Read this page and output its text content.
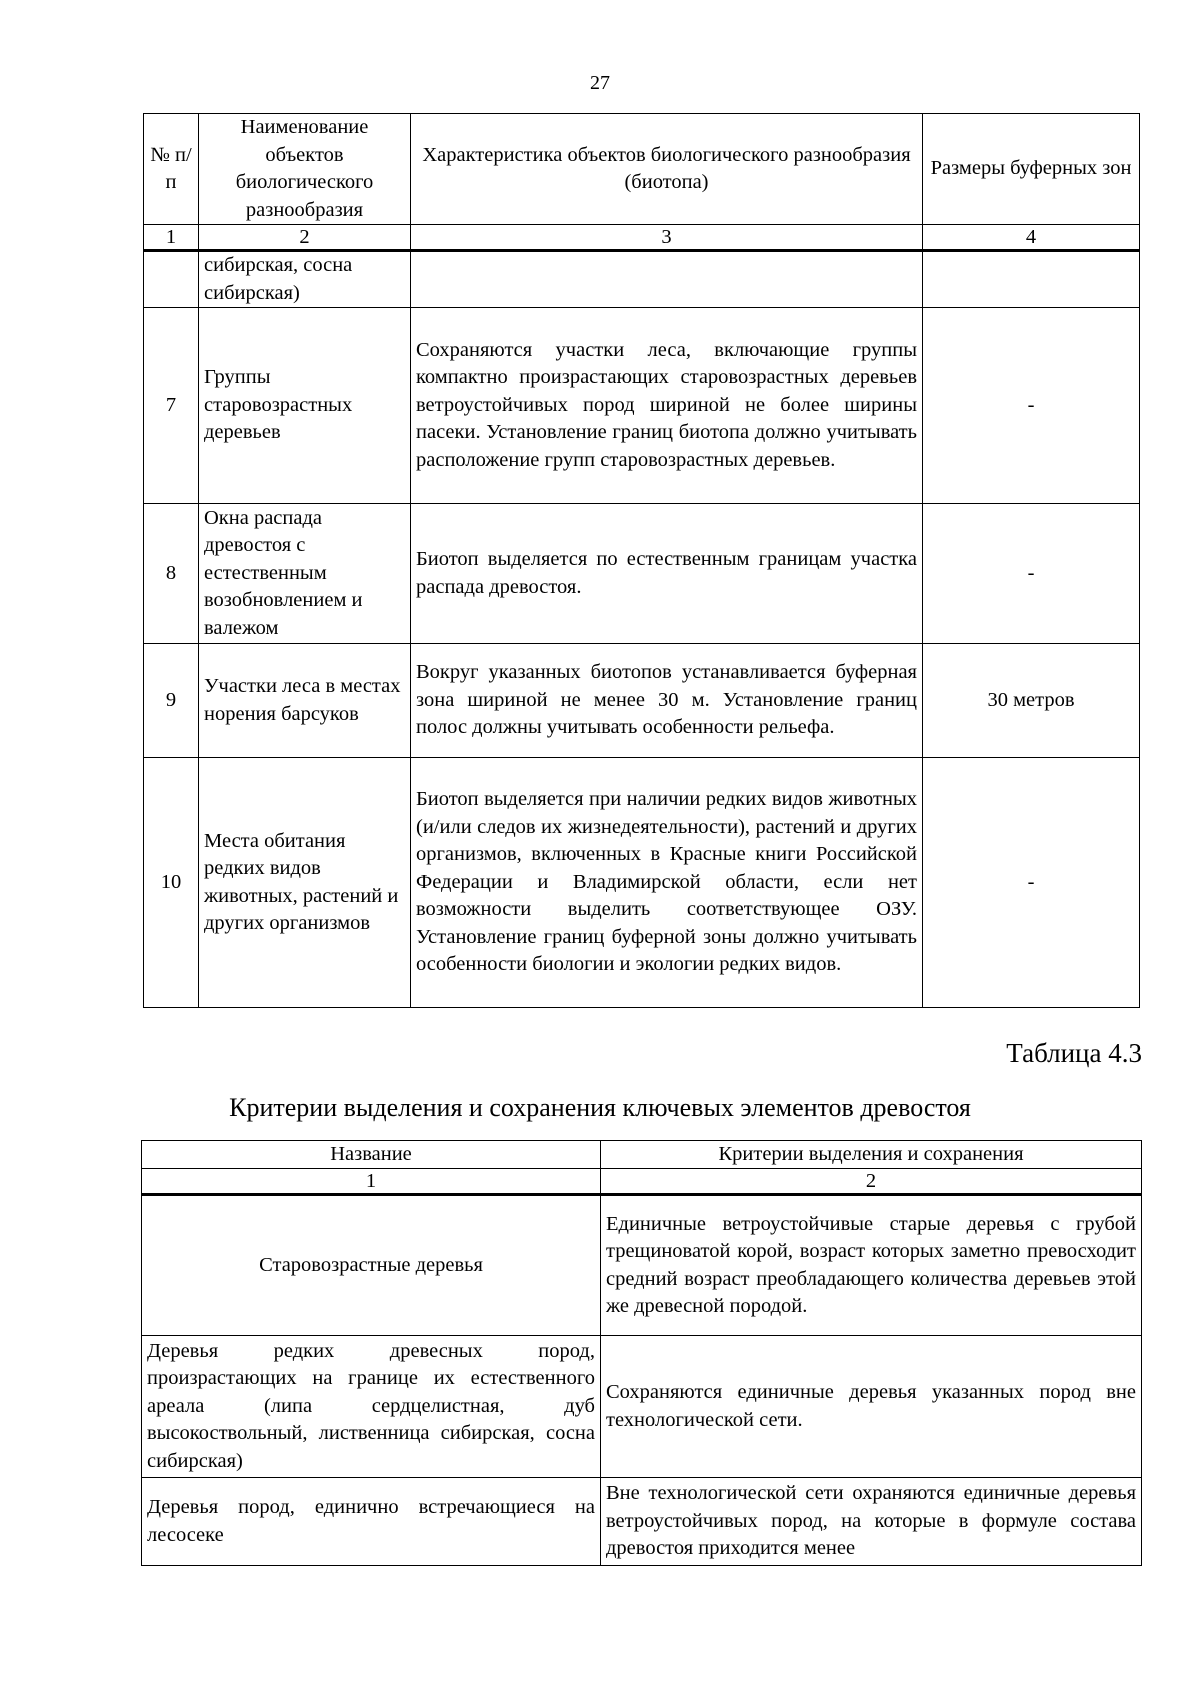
27
№ п/п	Наименование объектов биологического разнообразия	Характеристика объектов биологического разнообразия (биотопа)	Размеры буферных зон
1	2	3	4
	сибирская, сосна сибирская)		
7	Группы старовозрастных деревьев	Сохраняются участки леса, включающие группы компактно произрастающих старовозрастных деревьев ветроустойчивых пород шириной не более ширины пасеки. Установление границ биотопа должно учитывать расположение групп старовозрастных деревьев.	-
8	Окна распада древостоя с естественным возобновлением и валежом	Биотоп выделяется по естественным границам участка распада древостоя.	-
9	Участки леса в местах норения барсуков	Вокруг указанных биотопов устанавливается буферная зона шириной не менее 30 м. Установление границ полос должны учитывать особенности рельефа.	30 метров
10	Места обитания редких видов животных, растений и других организмов	Биотоп выделяется при наличии редких видов животных (и/или следов их жизнедеятельности), растений и других организмов, включенных в Красные книги Российской Федерации и Владимирской области, если нет возможности выделить соответствующее ОЗУ. Установление границ буферной зоны должно учитывать особенности биологии и экологии редких видов.	-
Таблица 4.3
Критерии выделения и сохранения ключевых элементов древостоя
Название	Критерии выделения и сохранения
1	2
Старовозрастные деревья	Единичные ветроустойчивые старые деревья с грубой трещиноватой корой, возраст которых заметно превосходит средний возраст преобладающего количества деревьев этой же древесной породой.
Деревья редких древесных пород, произрастающих на границе их естественного ареала (липа сердцелистная, дуб высокоствольный, лиственница сибирская, сосна сибирская)	Сохраняются единичные деревья указанных пород вне технологической сети.
Деревья пород, единично встречающиеся на лесосеке	Вне технологической сети охраняются единичные деревья ветроустойчивых пород, на которые в формуле состава древостоя приходится менее
